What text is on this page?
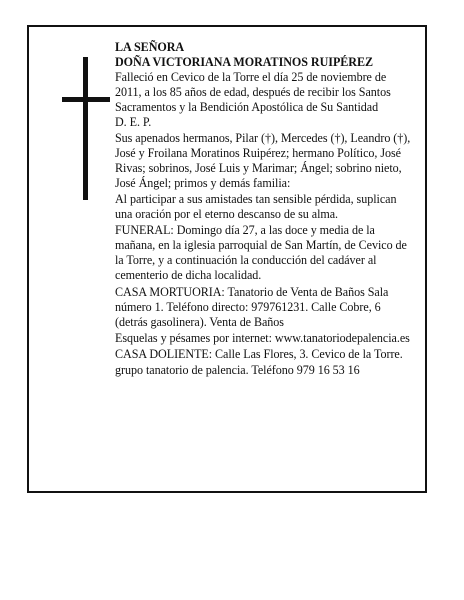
LA SEÑORA

DOÑA VICTORIANA MORATINOS RUIPÉREZ

Falleció en Cevico de la Torre el día 25 de noviembre de 2011, a los 85 años de edad, después de recibir los Santos Sacramentos y la Bendición Apostólica de Su Santidad

D. E. P.

Sus apenados hermanos, Pilar (†), Mercedes (†), Leandro (†), José y Froilana Moratinos Ruipérez; hermano Político, José Rivas; sobrinos, José Luis y Marimar; Ángel; sobrino nieto, José Ángel; primos y demás familia:

Al participar a sus amistades tan sensible pérdida, suplican una oración por el eterno descanso de su alma.

FUNERAL: Domingo día 27, a las doce y media de la mañana, en la iglesia parroquial de San Martín, de Cevico de la Torre, y a continuación la conducción del cadáver al cementerio de dicha localidad.

CASA MORTUORIA: Tanatorio de Venta de Baños Sala número 1. Teléfono directo: 979761231. Calle Cobre, 6 (detrás gasolinera). Venta de Baños

Esquelas y pésames por internet: www.tanatoriodepalencia.es

CASA DOLIENTE: Calle Las Flores, 3. Cevico de la Torre.

grupo tanatorio de palencia. Teléfono 979 16 53 16
